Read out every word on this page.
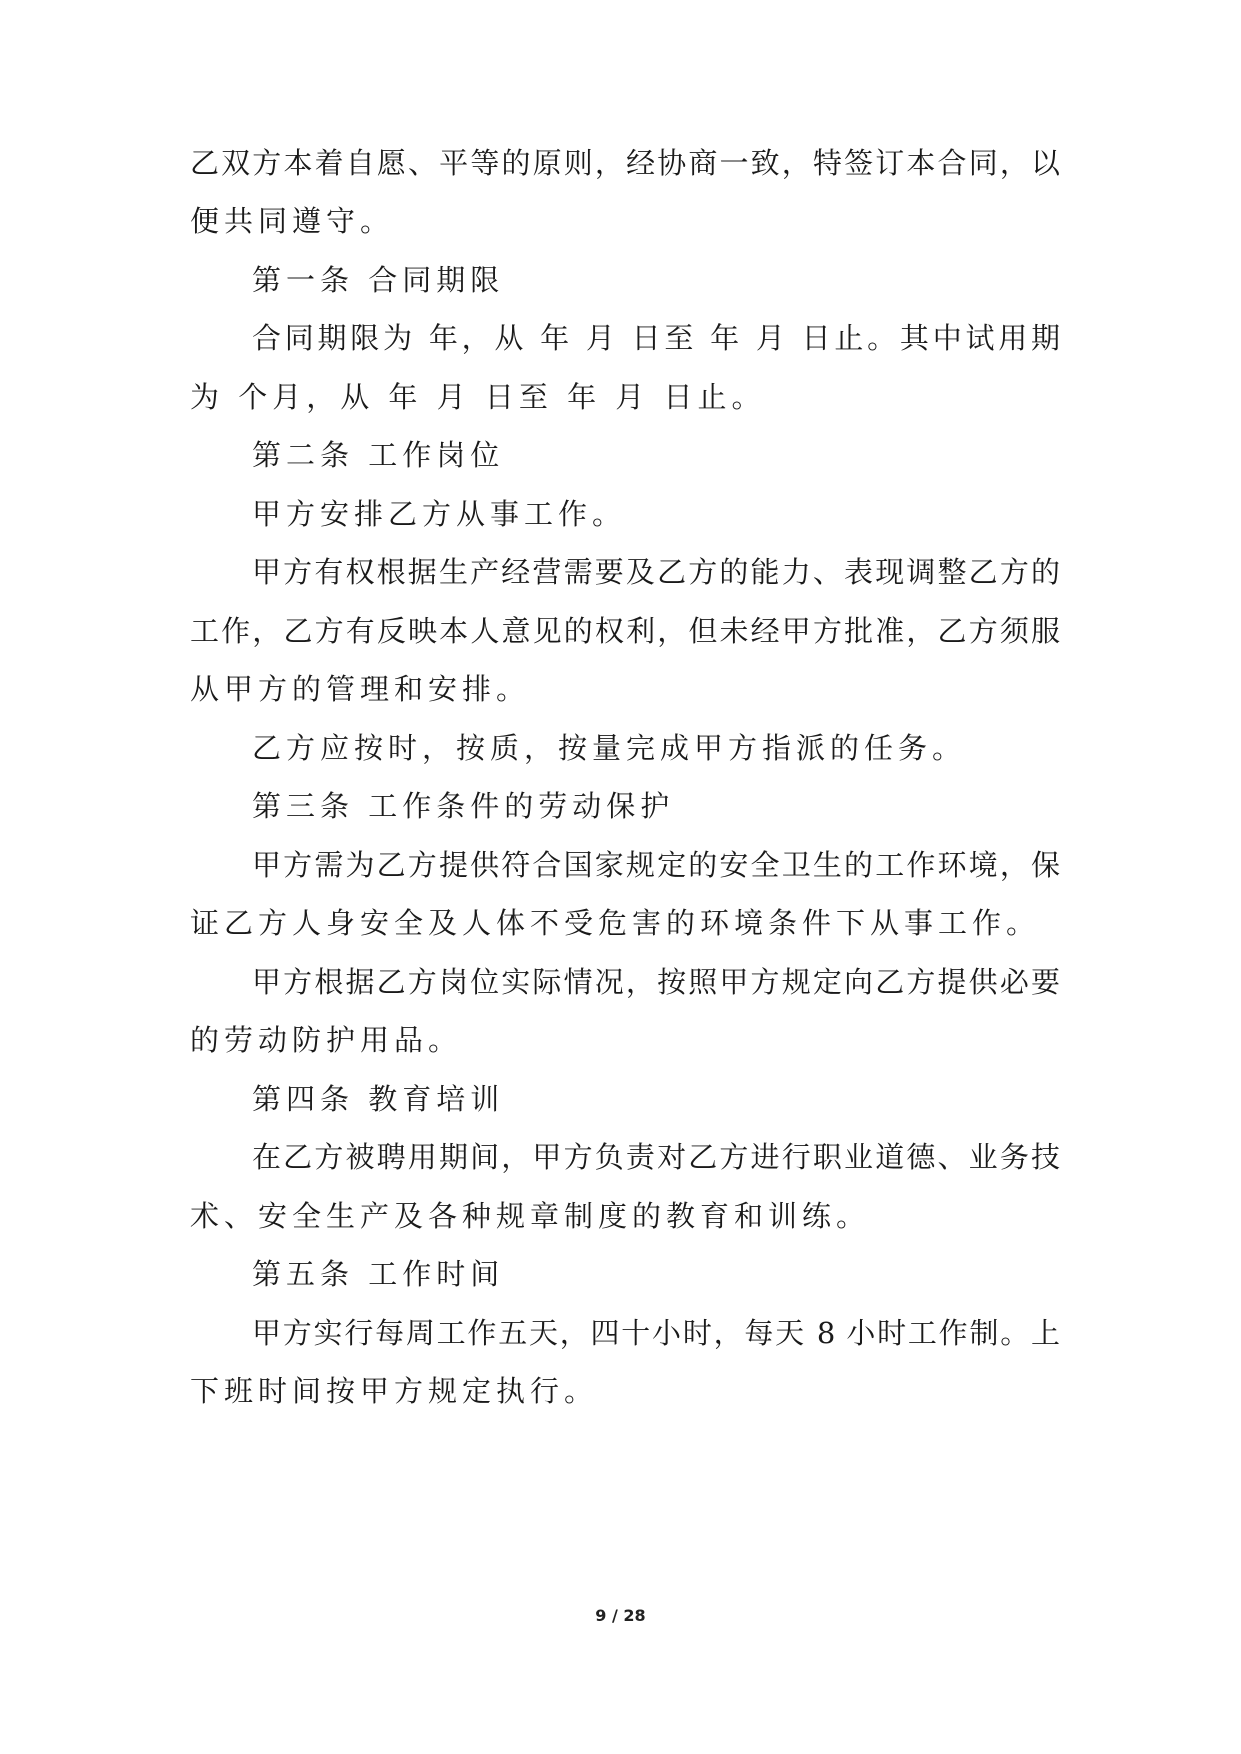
乙双方本着自愿、平等的原则，经协商一致，特签订本合同，以
便共同遵守。
第一条 合同期限
合同期限为 年，从 年 月 日至 年 月 日止。其中试用期
为 个月，从 年 月 日至 年 月 日止。
第二条 工作岗位
甲方安排乙方从事工作。
甲方有权根据生产经营需要及乙方的能力、表现调整乙方的
工作，乙方有反映本人意见的权利，但未经甲方批准，乙方须服
从甲方的管理和安排。
乙方应按时，按质，按量完成甲方指派的任务。
第三条 工作条件的劳动保护
甲方需为乙方提供符合国家规定的安全卫生的工作环境，保
证乙方人身安全及人体不受危害的环境条件下从事工作。
甲方根据乙方岗位实际情况，按照甲方规定向乙方提供必要
的劳动防护用品。
第四条 教育培训
在乙方被聘用期间，甲方负责对乙方进行职业道德、业务技
术、安全生产及各种规章制度的教育和训练。
第五条 工作时间
甲方实行每周工作五天，四十小时，每天 8 小时工作制。上
下班时间按甲方规定执行。
9 / 28
